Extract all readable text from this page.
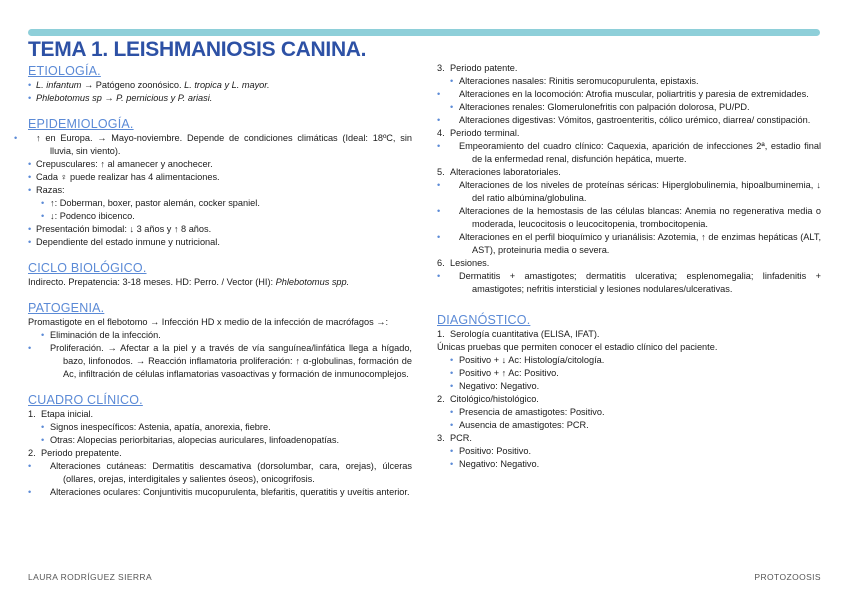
TEMA 1. LEISHMANIOSIS CANINA.
ETIOLOGÍA.

• L. infantum → Patógeno zoonósico. L. tropica y L. mayor.

• Phlebotomus sp → P. pernicious y P. ariasi.

EPIDEMIOLOGÍA.

• ↑ en Europa. → Mayo-noviembre. Depende de condiciones climáticas (Ideal: 18ºC, sin lluvia, sin viento).

• Crepusculares: ↑ al amanecer y anochecer.

• Cada ♀ puede realizar has 4 alimentaciones.

• Razas:

• ↑: Doberman, boxer, pastor alemán, cocker spaniel.

• ↓: Podenco ibicenco.

• Presentación bimodal: ↓ 3 años y ↑ 8 años.

• Dependiente del estado inmune y nutricional.

CICLO BIOLÓGICO.

Indirecto. Prepatencia: 3-18 meses. HD: Perro. / Vector (HI): Phlebotomus spp.

PATOGENIA.

Promastigote en el flebotomo → Infección HD x medio de la infección de macrófagos →:

• Eliminación de la infección.

• Proliferación. → Afectar a la piel y a través de vía sanguínea/linfática llega a hígado, bazo, linfonodos. → Reacción inflamatoria proliferación: ↑ α-globulinas, formación de Ac, infiltración de células inflamatorias vasoactivas y formación de inmunocomplejos.

CUADRO CLÍNICO.

1. Etapa inicial.

• Signos inespecíficos: Astenia, apatía, anorexia, fiebre.

• Otras: Alopecias periorbitarias, alopecias auriculares, linfoadenopatías.

2. Periodo prepatente.

• Alteraciones cutáneas: Dermatitis descamativa (dorsolumbar, cara, orejas), úlceras (ollares, orejas, interdigitales y salientes óseos), onicogrifosis.

• Alteraciones oculares: Conjuntivitis mucopurulenta, blefaritis, queratitis y uveítis anterior.

3. Periodo patente.

• Alteraciones nasales: Rinitis seromucopurulenta, epistaxis.

• Alteraciones en la locomoción: Atrofia muscular, poliartritis y paresia de extremidades.

• Alteraciones renales: Glomerulonefritis con palpación dolorosa, PU/PD.

• Alteraciones digestivas: Vómitos, gastroenteritis, cólico urémico, diarrea/ constipación.

4. Periodo terminal.

• Empeoramiento del cuadro clínico: Caquexia, aparición de infecciones 2ª, estadio final de la enfermedad renal, disfunción hepática, muerte.

5. Alteraciones laboratoriales.

• Alteraciones de los niveles de proteínas séricas: Hiperglobulinemia, hipoalbuminemia, ↓ del ratio albúmina/globulina.

• Alteraciones de la hemostasis de las células blancas: Anemia no regenerativa media o moderada, leucocitosis o leucocitopenia, trombocitopenia.

• Alteraciones en el perfil bioquímico y urianálisis: Azotemia, ↑ de enzimas hepáticas (ALT, AST), proteinuria media o severa.

6. Lesiones.

• Dermatitis + amastigotes; dermatitis ulcerativa; esplenomegalia; linfadenitis + amastigotes; nefritis intersticial y lesiones nodulares/ulcerativas.

DIAGNÓSTICO.

1. Serología cuantitativa (ELISA, IFAT).

Únicas pruebas que permiten conocer el estadio clínico del paciente.

• Positivo + ↓ Ac: Histología/citología.

• Positivo + ↑ Ac: Positivo.

• Negativo: Negativo.

2. Citológico/histológico.

• Presencia de amastigotes: Positivo.

• Ausencia de amastigotes: PCR.

3. PCR.

• Positivo: Positivo.

• Negativo: Negativo.

LAURA RODRÍGUEZ SIERRA	PROTOZOOSIS
